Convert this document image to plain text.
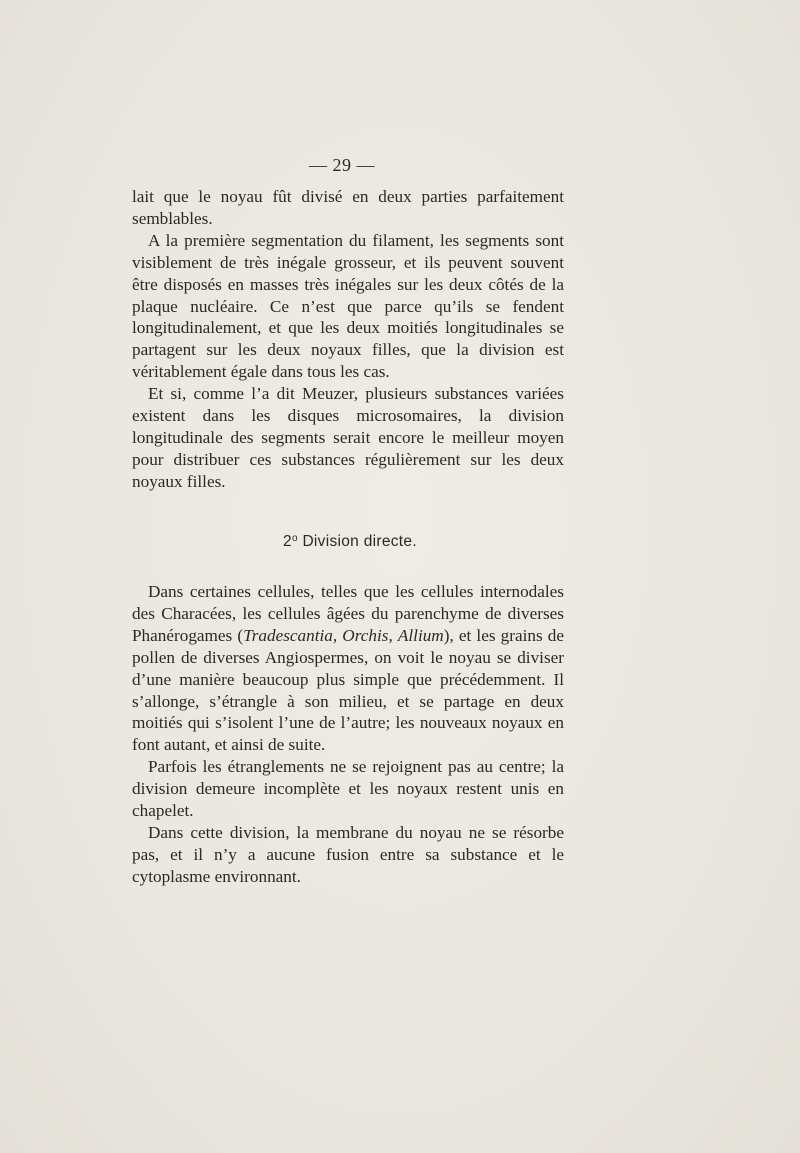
— 29 —

lait que le noyau fût divisé en deux parties parfaitement semblables.

A la première segmentation du filament, les segments sont visiblement de très inégale grosseur, et ils peuvent souvent être disposés en masses très inégales sur les deux côtés de la plaque nucléaire. Ce n’est que parce qu’ils se fendent longitudinalement, et que les deux moitiés longitudinales se partagent sur les deux noyaux filles, que la division est véritablement égale dans tous les cas.

Et si, comme l’a dit Meuzer, plusieurs substances variées existent dans les disques microsomaires, la division longitudinale des segments serait encore le meilleur moyen pour distribuer ces substances régulièrement sur les deux noyaux filles.

2$^o$ Division directe.

Dans certaines cellules, telles que les cellules internodales des Characées, les cellules âgées du parenchyme de diverses Phanérogames (Tradescantia, Orchis, Allium), et les grains de pollen de diverses Angiospermes, on voit le noyau se diviser d’une manière beaucoup plus simple que précédemment. Il s’allonge, s’étrangle à son milieu, et se partage en deux moitiés qui s’isolent l’une de l’autre; les nouveaux noyaux en font autant, et ainsi de suite.

Parfois les étranglements ne se rejoignent pas au centre; la division demeure incomplète et les noyaux restent unis en chapelet.

Dans cette division, la membrane du noyau ne se résorbe pas, et il n’y a aucune fusion entre sa substance et le cytoplasme environnant.
